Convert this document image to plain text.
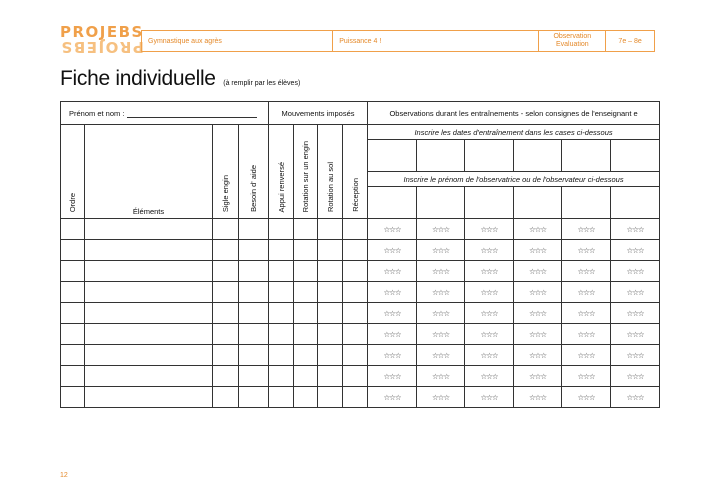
PROJEBS
PROJEBS Gymnastique aux agrès	Puissance 4 !
Observation
Evaluation	7e – 8e
Fiche individuelle (à remplir par les élèves)
Prénom et nom :				Mouvements imposés				Observations durant les entraînements - selon consignes de l'enseignant e					
Ordre	Éléments	Sigle engin	Besoin d' aide	Appui renversé	Rotation sur un engin	Rotation au sol	Réception	Inscrire les dates d'entraînement dans les cases ci-dessous					

								Inscrire le prénom de l'observatrice ou de l'observateur ci-dessous					

								☆☆☆	☆☆☆	☆☆☆	☆☆☆	☆☆☆	☆☆☆
								☆☆☆	☆☆☆	☆☆☆	☆☆☆	☆☆☆	☆☆☆
								☆☆☆	☆☆☆	☆☆☆	☆☆☆	☆☆☆	☆☆☆
								☆☆☆	☆☆☆	☆☆☆	☆☆☆	☆☆☆	☆☆☆
								☆☆☆	☆☆☆	☆☆☆	☆☆☆	☆☆☆	☆☆☆
								☆☆☆	☆☆☆	☆☆☆	☆☆☆	☆☆☆	☆☆☆
								☆☆☆	☆☆☆	☆☆☆	☆☆☆	☆☆☆	☆☆☆
								☆☆☆	☆☆☆	☆☆☆	☆☆☆	☆☆☆	☆☆☆
								☆☆☆	☆☆☆	☆☆☆	☆☆☆	☆☆☆	☆☆☆
12
